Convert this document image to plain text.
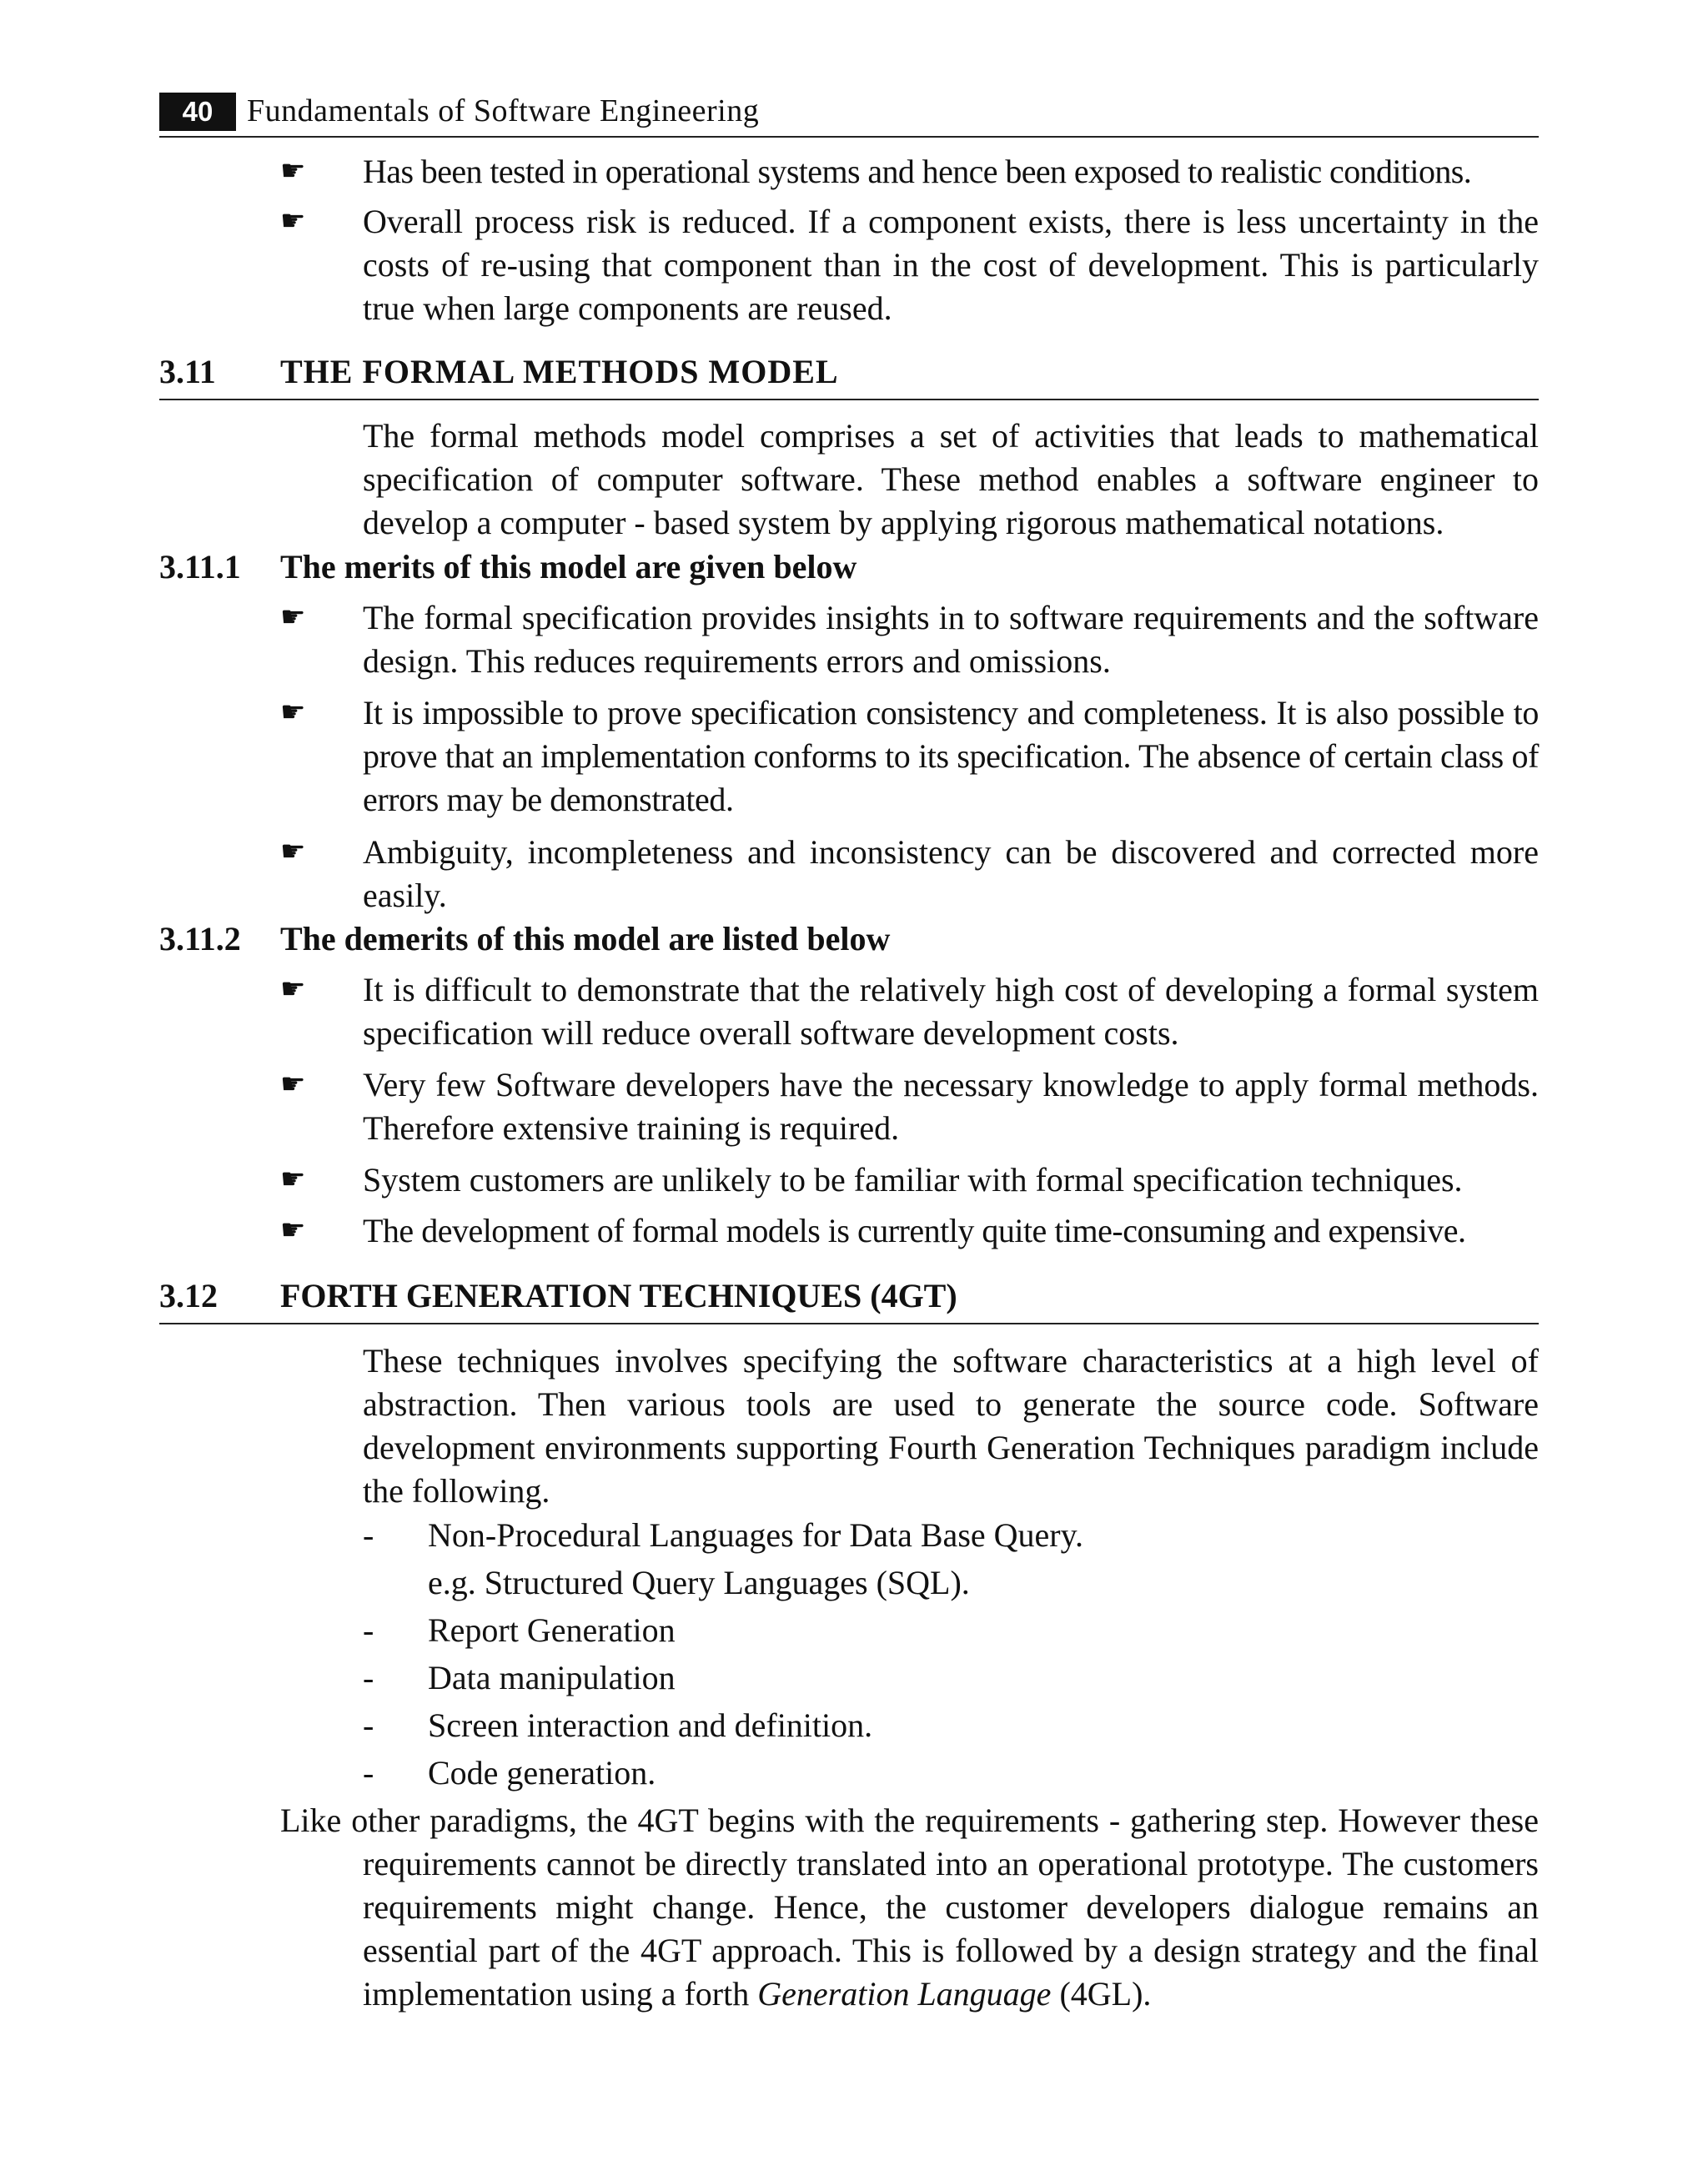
40	Fundamentals of Software Engineering
☛ Has been tested in operational systems and hence been exposed to realistic conditions.
☛ Overall process risk is reduced. If a component exists, there is less uncertainty in the costs of re-using that component than in the cost of development. This is particularly true when large components are reused.
3.11 THE FORMAL METHODS MODEL
The formal methods model comprises a set of activities that leads to mathematical specification of computer software. These method enables a software engineer to develop a computer - based system by applying rigorous mathematical notations.
3.11.1 The merits of this model are given below
☛ The formal specification provides insights in to software requirements and the software design. This reduces requirements errors and omissions.
☛ It is impossible to prove specification consistency and completeness. It is also possible to prove that an implementation conforms to its specification. The absence of certain class of errors may be demonstrated.
☛ Ambiguity, incompleteness and inconsistency can be discovered and corrected more easily.
3.11.2 The demerits of this model are listed below
☛ It is difficult to demonstrate that the relatively high cost of developing a formal system specification will reduce overall software development costs.
☛ Very few Software developers have the necessary knowledge to apply formal methods. Therefore extensive training is required.
☛ System customers are unlikely to be familiar with formal specification techniques.
☛ The development of formal models is currently quite time-consuming and expensive.
3.12 FORTH GENERATION TECHNIQUES (4GT)
These techniques involves specifying the software characteristics at a high level of abstraction. Then various tools are used to generate the source code. Software development environments supporting Fourth Generation Techniques paradigm include the following.
- Non-Procedural Languages for Data Base Query.
e.g. Structured Query Languages (SQL).
- Report Generation
- Data manipulation
- Screen interaction and definition.
- Code generation.
Like other paradigms, the 4GT begins with the requirements - gathering step. However these requirements cannot be directly translated into an operational prototype. The customers requirements might change. Hence, the customer developers dialogue remains an essential part of the 4GT approach. This is followed by a design strategy and the final implementation using a forth Generation Language (4GL).
